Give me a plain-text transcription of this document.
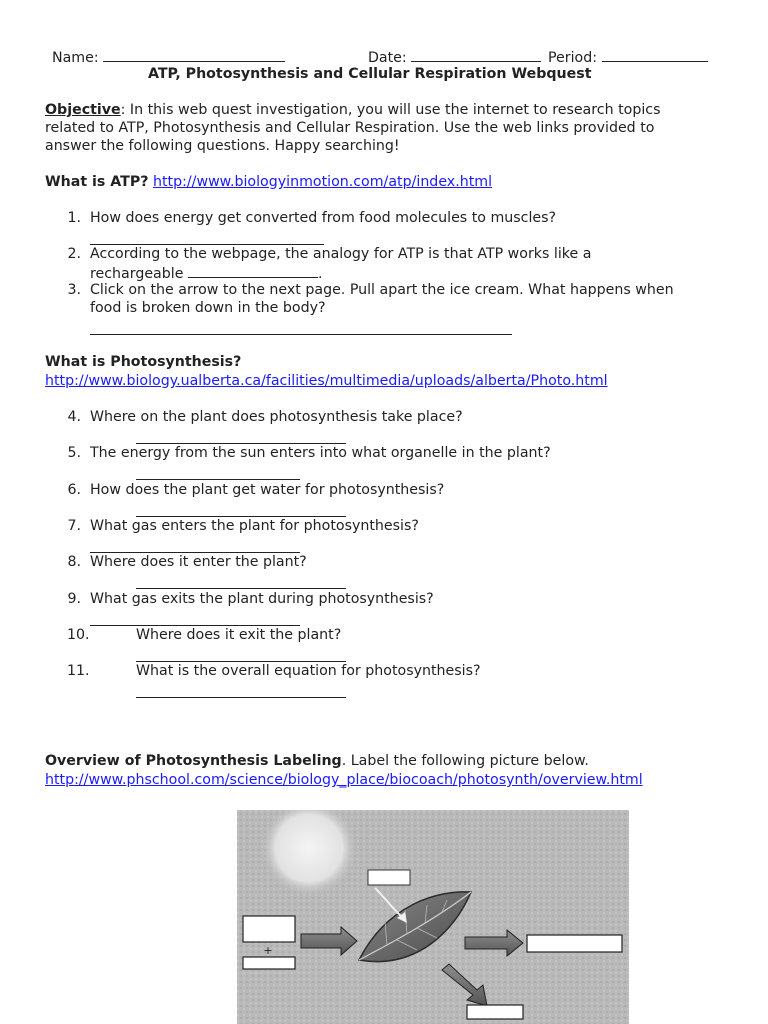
Name:	Date:	Period:
ATP, Photosynthesis and Cellular Respiration Webquest
Objective: In this web quest investigation, you will use the internet to research topics
related to ATP, Photosynthesis and Cellular Respiration. Use the web links provided to
answer the following questions. Happy searching!
What is ATP? http://www.biologyinmotion.com/atp/index.html
1. How does energy get converted from food molecules to muscles?
2. According to the webpage, the analogy for ATP is that ATP works like a
rechargeable	.
3. Click on the arrow to the next page. Pull apart the ice cream. What happens when
food is broken down in the body?
What is Photosynthesis?
http://www.biology.ualberta.ca/facilities/multimedia/uploads/alberta/Photo.html
4. Where on the plant does photosynthesis take place?
5. The energy from the sun enters into what organelle in the plant?
6. How does the plant get water for photosynthesis?
7. What gas enters the plant for photosynthesis?
8. Where does it enter the plant?
9. What gas exits the plant during photosynthesis?
10.	Where does it exit the plant?
11.	What is the overall equation for photosynthesis?
Overview of Photosynthesis Labeling. Label the following picture below.
http://www.phschool.com/science/biology_place/biocoach/photosynth/overview.html
+
